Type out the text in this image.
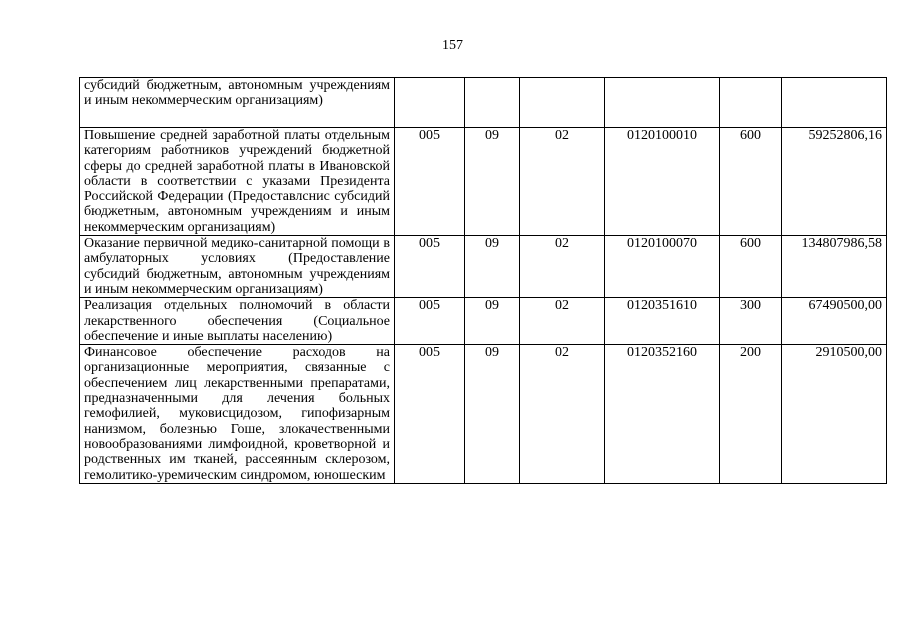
157
субсидий бюджетным, автономным учреждениям и иным некоммерческим организациям)						
Повышение средней заработной платы отдельным категориям работников учреждений бюджетной сферы до средней заработной платы в Ивановской области в соответствии с указами Президента Российской Федерации (Предоставлснис субсидий бюджетным, автономным учреждениям и иным некоммерческим организациям)	005	09	02	0120100010	600	59252806,16
Оказание первичной медико-санитарной помощи в амбулаторных условиях (Предоставление субсидий бюджетным, автономным учреждениям и иным некоммерческим организациям)	005	09	02	0120100070	600	134807986,58
Реализация отдельных полномочий в области лекарственного обеспечения (Социальное обеспечение и иные выплаты населению)	005	09	02	0120351610	300	67490500,00
Финансовое обеспечение расходов на организационные мероприятия, связанные с обеспечением лиц лекарственными препаратами, предназначенными для лечения больных гемофилией, муковисцидозом, гипофизарным нанизмом, болезнью Гоше, злокачественными новообразованиями лимфоидной, кроветворной и родственных им тканей, рассеянным склерозом, гемолитико-уремическим синдромом, юношеским	005	09	02	0120352160	200	2910500,00
